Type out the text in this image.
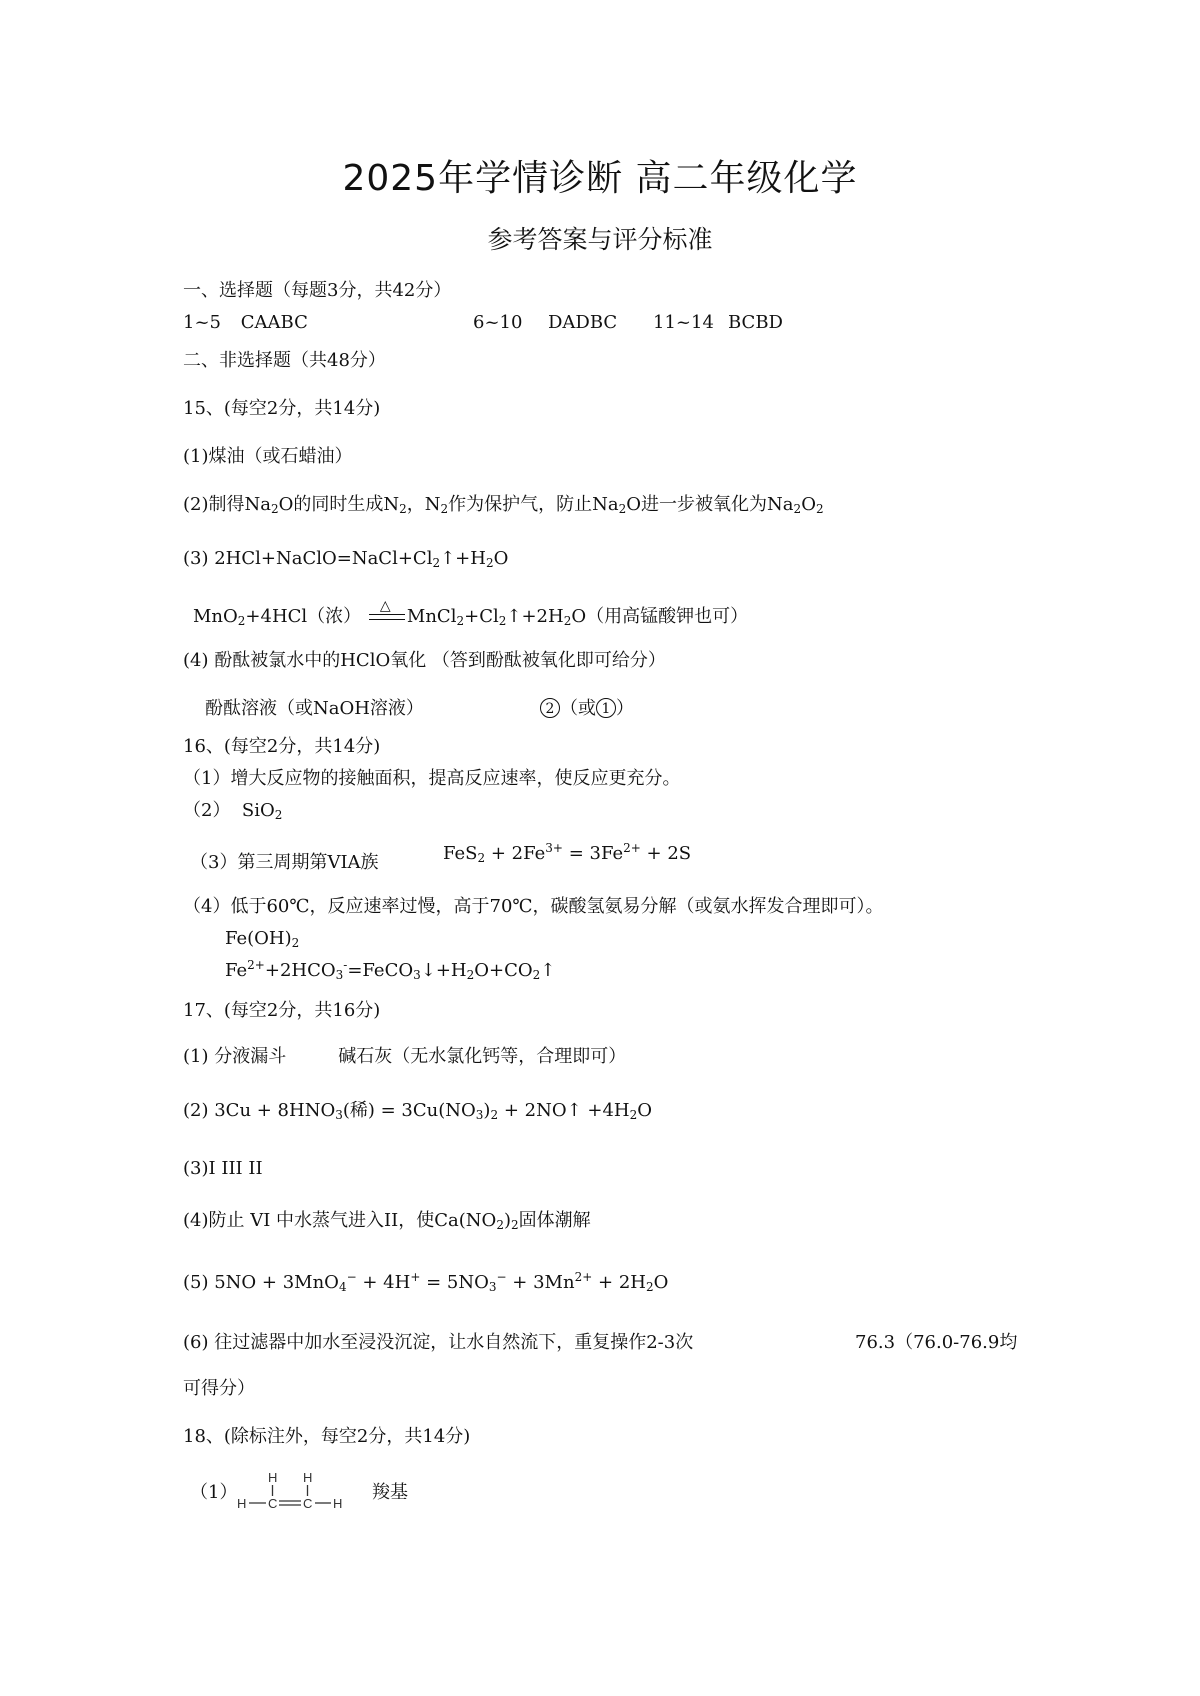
2025年学情诊断 高二年级化学
参考答案与评分标准
一、选择题（每题3分，共42分）
1~5 CAABC	6~10 DADBC 11~14 BCBD
二、非选择题（共48分）
15、(每空2分，共14分)
(1)煤油（或石蜡油）
(2)制得$Na_2O$的同时生成$N_2$，$N_2$作为保护气，防止$Na_2O$进一步被氧化为$Na_2O_2$
(3) $2HCl+NaClO=NaCl+Cl_2↑+H_2O$
MnO$_2$+4HCl（浓） △ $MnCl_2+Cl_2↑+2H_2O$（用高锰酸钾也可）
(4) 酚酞被氯水中的HClO氧化 （答到酚酞被氧化即可给分）
酚酞溶液（或NaOH溶液）	2 （或 1 ）
16、(每空2分，共14分)
（1）增大反应物的接触面积，提高反应速率，使反应更充分。
（2）  SiO$_2$
（3）第三周期第VIA族	$FeS_2 + 2Fe^{3+} = 3Fe^{2+} + 2S$
（4）低于60℃，反应速率过慢，高于70℃，碳酸氢氨易分解（或氨水挥发合理即可）。
$Fe(OH)_2$
$Fe^{2+}+2HCO_3^-=FeCO_3↓+H_2O+CO_2↑$
17、(每空2分，共16分)
(1) 分液漏斗	碱石灰（无水氯化钙等，合理即可）
(2) $3Cu + 8HNO_3$(稀) = $3Cu(NO_3)_2$ + 2NO↑ $+4H_2O$
(3)I III II
(4)防止 VI 中水蒸气进入II，使$Ca(NO_2)_2$固体潮解
(5) $5NO + 3MnO_4^- + 4H^+ = 5NO_3^- + 3Mn^{2+} + 2H_2O$
(6) 往过滤器中加水至浸没沉淀，让水自然流下，重复操作2-3次	76.3（76.0-76.9均
可得分）
18、(除标注外，每空2分，共14分)
（1）
H H
H C C H
羧基
